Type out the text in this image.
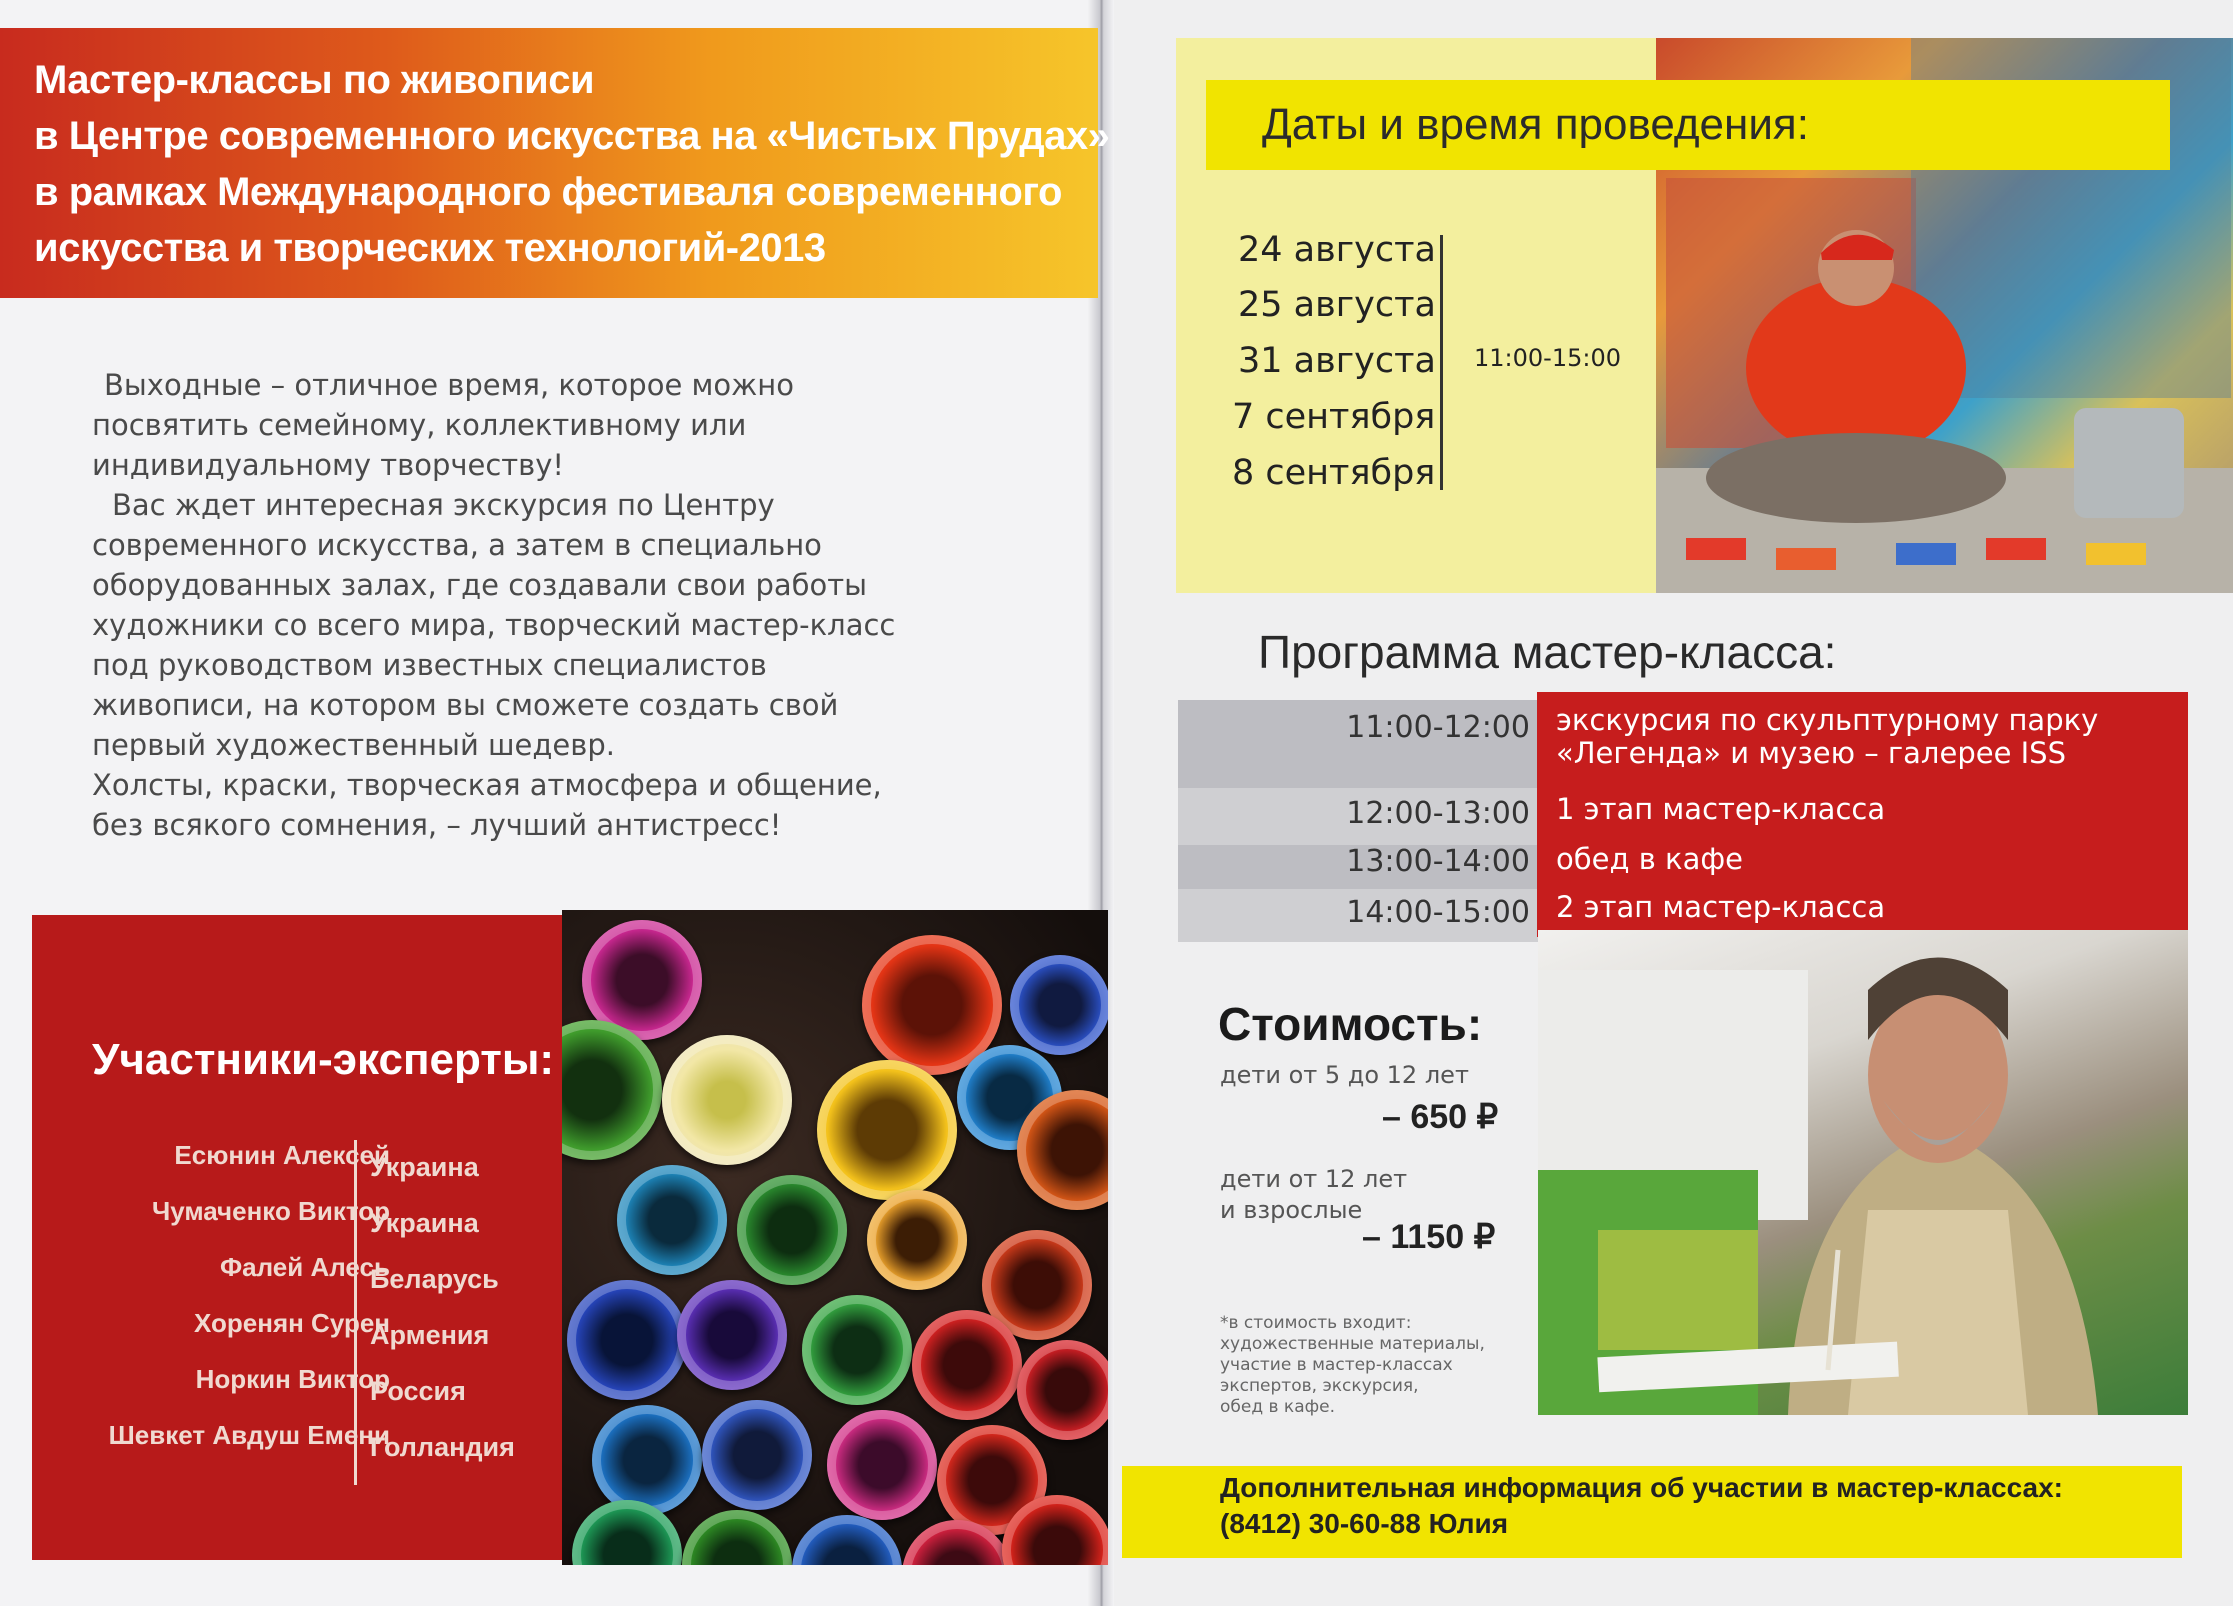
Мастер-классы по живописи
в Центре современного искусства на «Чистых Прудах»
в рамках Международного фестиваля современного
искусства и творческих технологий-2013
Выходные – отличное время, которое можно
посвятить семейному, коллективному или
индивидуальному творчеству!
Вас ждет интересная экскурсия по Центру
современного искусства, а затем в специально
оборудованных залах, где создавали свои работы
художники со всего мира, творческий мастер-класс
под руководством известных специалистов
живописи, на котором вы сможете создать свой
первый художественный шедевр.
Холсты, краски, творческая атмосфера и общение,
без всякого сомнения, – лучший антистресс!
Участники-эксперты:
Есюнин Алексей
Украина
Чумаченко Виктор
Украина
Фалей Алесь
Беларусь
Хоренян Сурен
Армения
Норкин Виктор
Россия
Шевкет Авдуш Емени
Голландия
Даты и время проведения:
24 августа
25 августа
31 августа
7 сентября
8 сентября
11:00-15:00
Программа мастер-класса:
11:00-12:00 экскурсия по скульптурному парку
«Легенда» и музею – галерее ISS
12:00-13:00 1 этап мастер-класса
13:00-14:00 обед в кафе
14:00-15:00 2 этап мастер-класса
Стоимость:
дети от 5 до 12 лет
– 650 ₽
дети от 12 лет
и взрослые
– 1150 ₽
*в стоимость входит:
художественные материалы,
участие в мастер-классах
экспертов, экскурсия,
обед в кафе.
Дополнительная информация об участии в мастер-классах:
(8412) 30-60-88 Юлия
